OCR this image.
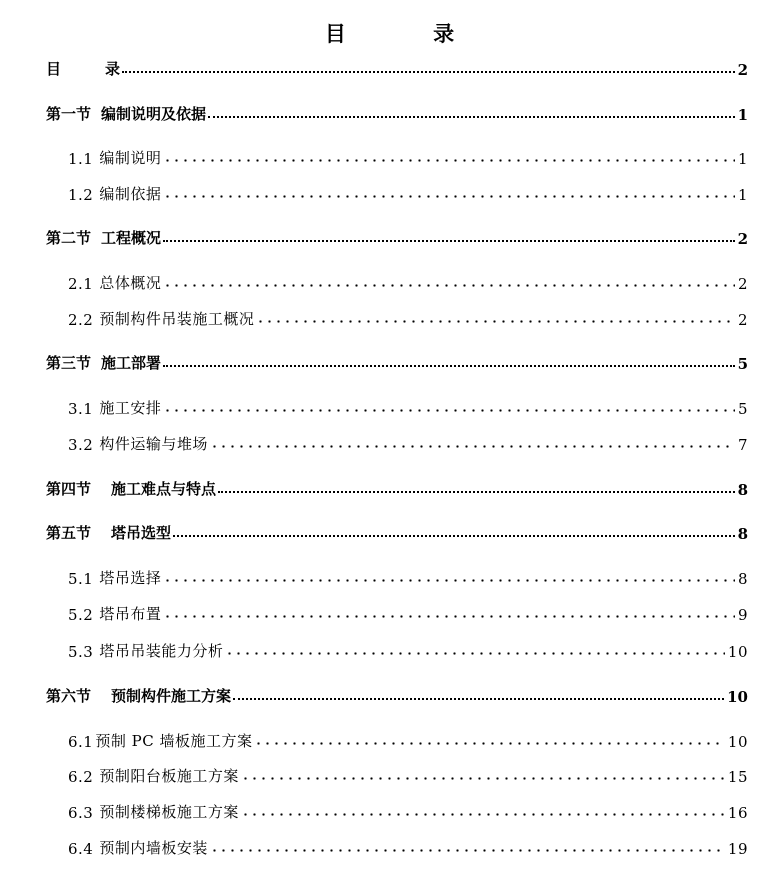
目 录
目	录	2
第一节 编制说明及依据	1
1.1 编制说明	1
1.2 编制依据	1
第二节 工程概况	2
2.1 总体概况	2
2.2 预制构件吊装施工概况	2
第三节 施工部署	5
3.1 施工安排	5
3.2 构件运输与堆场	7
第四节 施工难点与特点	8
第五节 塔吊选型	8
5.1 塔吊选择	8
5.2 塔吊布置	9
5.3 塔吊吊装能力分析	10
第六节 预制构件施工方案	10
6.1 预制 PC 墙板施工方案	10
6.2 预制阳台板施工方案	15
6.3 预制楼梯板施工方案	16
6.4 预制内墙板安装	19
